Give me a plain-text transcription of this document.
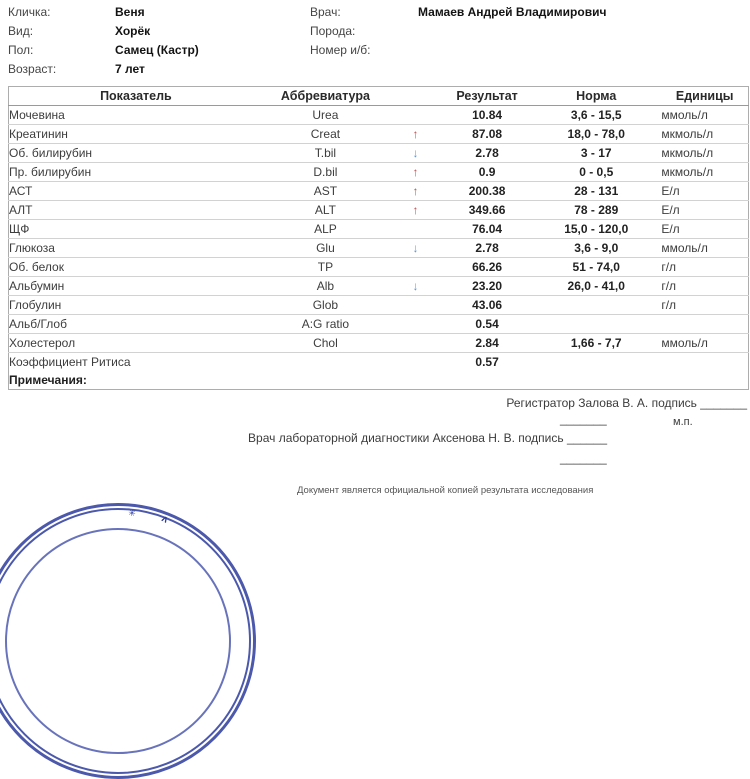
Кличка:	Веня
Вид:	Хорёк
Пол:	Самец (Кастр)
Возраст:	7 лет
Врач:	Мамаев Андрей Владимирович
Порода:
Номер и/б:
Показатель	Аббревиатура		Результат	Норма	Единицы
Мочевина	Urea		10.84	3,6 - 15,5	ммоль/л
Креатинин	Creat	↑	87.08	18,0 - 78,0	мкмоль/л
Об. билирубин	T.bil	↓	2.78	3 - 17	мкмоль/л
Пр. билирубин	D.bil	↑	0.9	0 - 0,5	мкмоль/л
АСТ	AST	↑	200.38	28 - 131	Е/л
АЛТ	ALT	↑	349.66	78 - 289	Е/л
ЩФ	ALP		76.04	15,0 - 120,0	Е/л
Глюкоза	Glu	↓	2.78	3,6 - 9,0	ммоль/л
Об. белок	TP		66.26	51 - 74,0	г/л
Альбумин	Alb	↓	23.20	26,0 - 41,0	г/л
Глобулин	Glob		43.06		г/л
Альб/Глоб	A:G ratio		0.54		
Холестерол	Chol		2.84	1,66 - 7,7	ммоль/л
Коэффициент Ритиса			0.57		
Примечания:					
Регистратор Залова В. А. подпись _______
_______	м.п.
Врач лабораторной диагностики Аксенова Н. В. подпись ______
_______
Документ является официальной копией результата исследования
✳
ʌ
